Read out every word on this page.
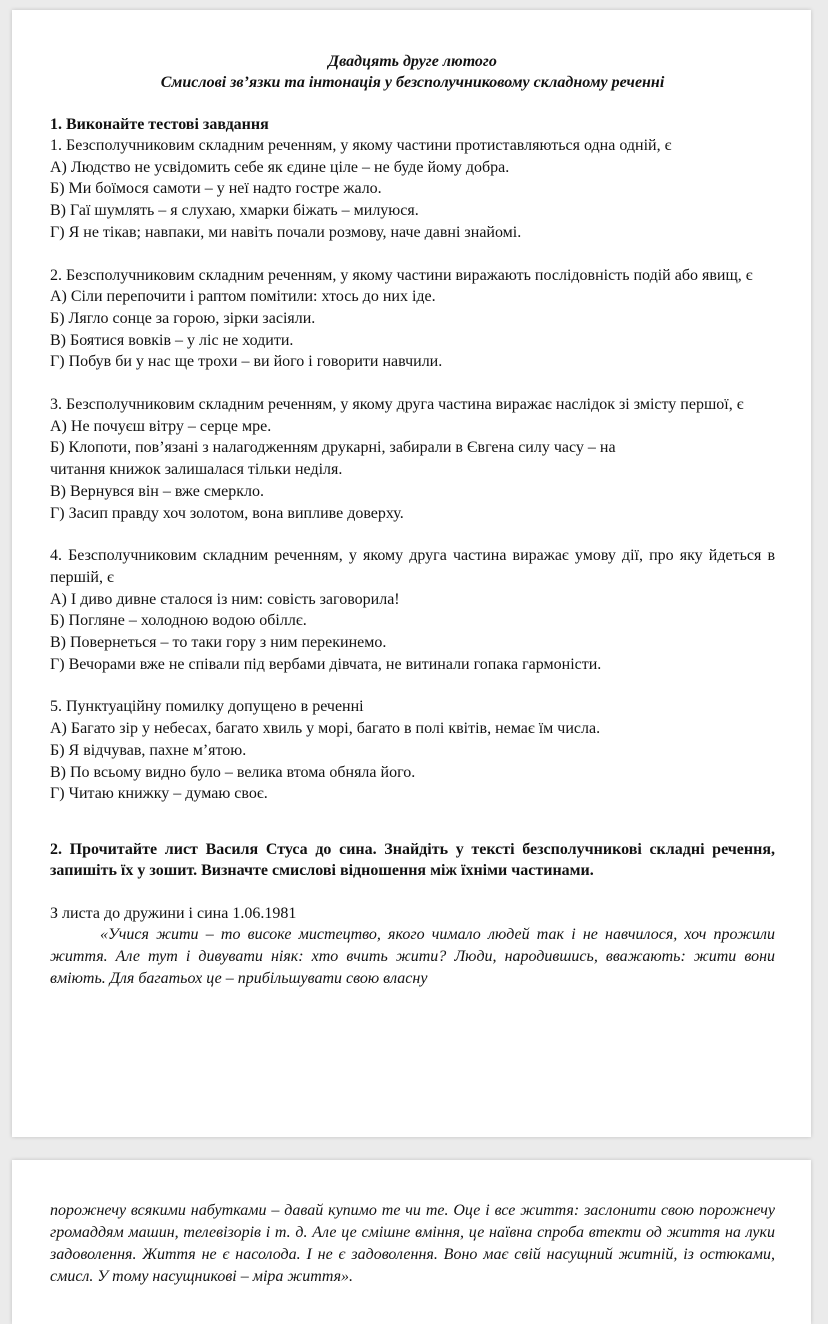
Двадцять друге лютого
Смислові зв’язки та інтонація у безсполучниковому складному реченні
1. Виконайте тестові завдання
1. Безсполучниковим складним реченням, у якому частини протиставляються одна одній, є
А) Людство не усвідомить себе як єдине ціле – не буде йому добра.
Б) Ми боїмося самоти – у неї надто гостре жало.
В) Гаї шумлять – я слухаю, хмарки біжать – милуюся.
Г) Я не тікав; навпаки, ми навіть почали розмову, наче давні знайомі.
2. Безсполучниковим складним реченням, у якому частини виражають послідовність подій або явищ, є
А) Сіли перепочити і раптом помітили: хтось до них іде.
Б) Лягло сонце за горою, зірки засіяли.
В) Боятися вовків – у ліс не ходити.
Г) Побув би у нас ще трохи – ви його і говорити навчили.
3. Безсполучниковим складним реченням, у якому друга частина виражає наслідок зі змісту першої, є
А) Не почуєш вітру – серце мре.
Б) Клопоти, пов’язані з налагодженням друкарні, забирали в Євгена силу часу – на
читання книжок залишалася тільки неділя.
В) Вернувся він – вже смеркло.
Г) Засип правду хоч золотом, вона випливе доверху.
4. Безсполучниковим складним реченням, у якому друга частина виражає умову дії, про яку йдеться в першій, є
А) І диво дивне сталося із ним: совість заговорила!
Б) Погляне – холодною водою обіллє.
В) Повернеться – то таки гору з ним перекинемо.
Г) Вечорами вже не співали під вербами дівчата, не витинали гопака гармоністи.
5. Пунктуаційну помилку допущено в реченні
А) Багато зір у небесах, багато хвиль у морі, багато в полі квітів, немає їм числа.
Б) Я відчував, пахне м’ятою.
В) По всьому видно було – велика втома обняла його.
Г) Читаю книжку – думаю своє.
2. Прочитайте лист Василя Стуса до сина. Знайдіть у тексті безсполучникові складні речення, запишіть їх у зошит. Визначте смислові відношення між їхніми частинами.
З листа до дружини і сина 1.06.1981
«Учися жити – то високе мистецтво, якого чимало людей так і не навчилося, хоч прожили життя. Але тут і дивувати ніяк: хто вчить жити? Люди, народившись, вважають: жити вони вміють. Для багатьох це – прибільшувати свою власну
порожнечу всякими набутками – давай купимо те чи те. Оце і все життя: заслонити свою порожнечу громаддям машин, телевізорів і т. д. Але це смішне вміння, це наївна спроба втекти од життя на луки задоволення. Життя не є насолода. І не є задоволення. Воно має свій насущний житній, із остюками, смисл. У тому насущникові – міра життя».
